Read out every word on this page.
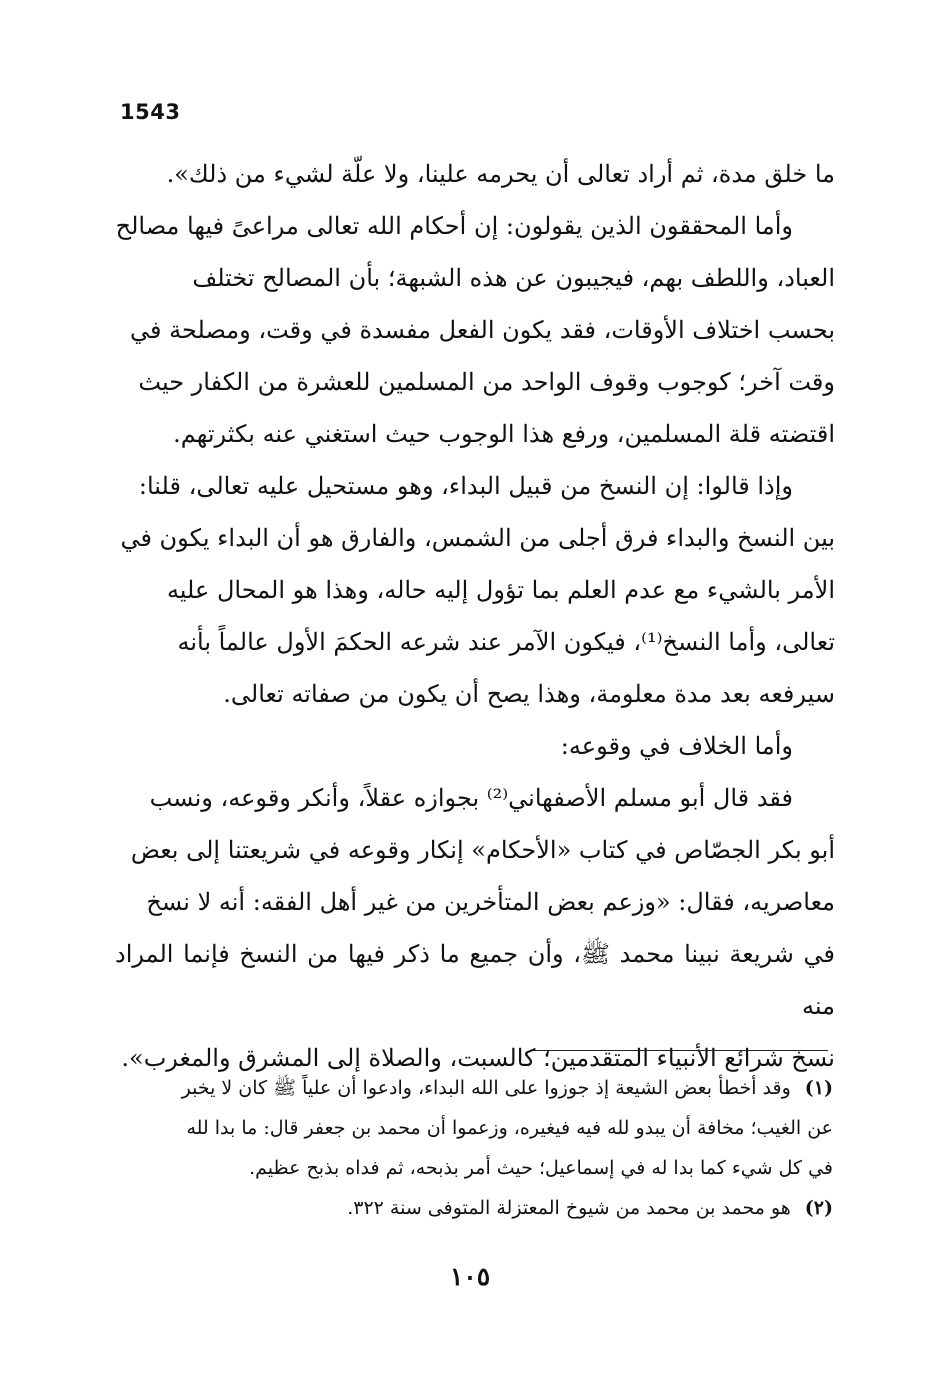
1543

ما خلق مدة، ثم أراد تعالى أن يحرمه علينا، ولا علّة لشيء من ذلك».

وأما المحققون الذين يقولون: إن أحكام الله تعالى مراعىً فيها مصالح
العباد، واللطف بهم، فيجيبون عن هذه الشبهة؛ بأن المصالح تختلف
بحسب اختلاف الأوقات، فقد يكون الفعل مفسدة في وقت، ومصلحة في
وقت آخر؛ كوجوب وقوف الواحد من المسلمين للعشرة من الكفار حيث
اقتضته قلة المسلمين، ورفع هذا الوجوب حيث استغني عنه بكثرتهم.

وإذا قالوا: إن النسخ من قبيل البداء، وهو مستحيل عليه تعالى، قلنا:
بين النسخ والبداء فرق أجلى من الشمس، والفارق هو أن البداء يكون في
الأمر بالشيء مع عدم العلم بما تؤول إليه حاله، وهذا هو المحال عليه
تعالى، وأما النسخ⁽¹⁾، فيكون الآمر عند شرعه الحكمَ الأول عالماً بأنه
سيرفعه بعد مدة معلومة، وهذا يصح أن يكون من صفاته تعالى.

وأما الخلاف في وقوعه:

فقد قال أبو مسلم الأصفهاني⁽²⁾ بجوازه عقلاً، وأنكر وقوعه، ونسب
أبو بكر الجصّاص في كتاب «الأحكام» إنكار وقوعه في شريعتنا إلى بعض
معاصريه، فقال: «وزعم بعض المتأخرين من غير أهل الفقه: أنه لا نسخ
في شريعة نبينا محمد ﷺ، وأن جميع ما ذكر فيها من النسخ فإنما المراد منه
نسخ شرائع الأنبياء المتقدمين؛ كالسبت، والصلاة إلى المشرق والمغرب».

(١)وقد أخطأ بعض الشيعة إذ جوزوا على الله البداء، وادعوا أن علياً ﷺ كان لا يخبر
عن الغيب؛ مخافة أن يبدو لله فيه فيغيره، وزعموا أن محمد بن جعفر قال: ما بدا لله
في كل شيء كما بدا له في إسماعيل؛ حيث أمر بذبحه، ثم فداه بذبح عظيم.

(٢)هو محمد بن محمد من شيوخ المعتزلة المتوفى سنة ٣٢٢.

١٠٥
